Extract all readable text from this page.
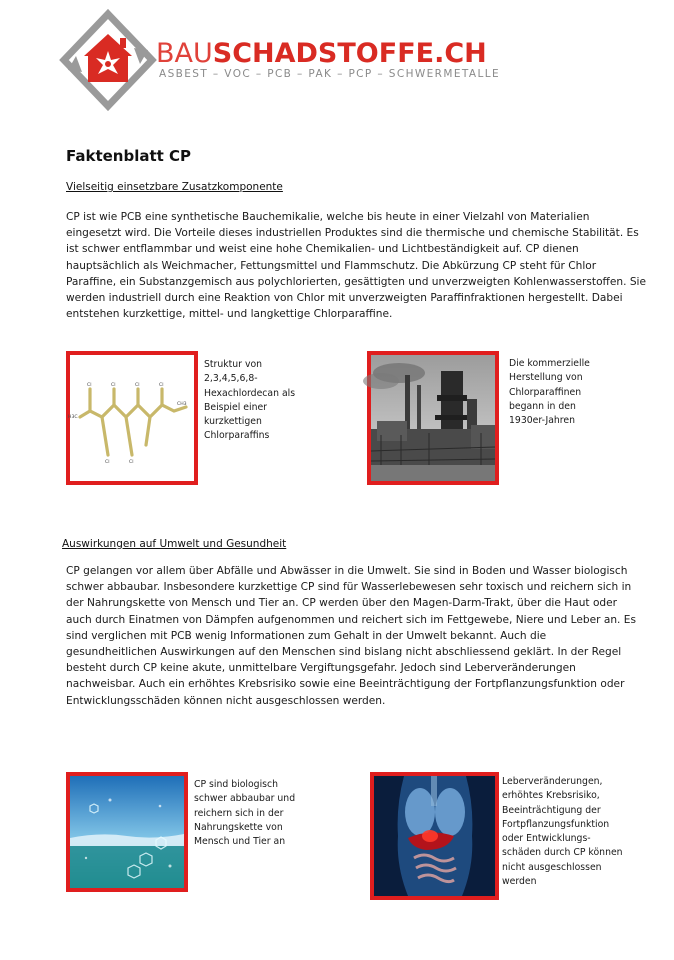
BAUSCHADSTOFFE.CH
ASBEST – VOC – PCB – PAK – PCP – SCHWERMETALLE
Faktenblatt CP
Vielseitig einsetzbare Zusatzkomponente
CP ist wie PCB eine synthetische Bauchemikalie, welche bis heute in einer Vielzahl von Materialien eingesetzt wird. Die Vorteile dieses industriellen Produktes sind die thermische und chemische Stabilität. Es ist schwer entflammbar und weist eine hohe Chemikalien- und Lichtbeständigkeit auf. CP dienen hauptsächlich als Weichmacher, Fettungsmittel und Flammschutz. Die Abkürzung CP steht für Chlor Paraffine, ein Substanzgemisch aus polychlorierten, gesättigten und unverzweigten Kohlenwasserstoffen. Sie werden industriell durch eine Reaktion von Chlor mit unverzweigten Paraffinfraktionen hergestellt. Dabei entstehen kurzkettige, mittel- und langkettige Chlorparaffine.
H3C
CH3
Cl	Cl	Cl	Cl
Cl	Cl
Struktur von 2,3,4,5,6,8-Hexachlordecan als Beispiel einer kurzkettigen Chlorparaffins
Die kommerzielle Herstellung von Chlorparaffinen begann in den 1930er-Jahren
Auswirkungen auf Umwelt und Gesundheit
CP gelangen vor allem über Abfälle und Abwässer in die Umwelt. Sie sind in Boden und Wasser biologisch schwer abbaubar. Insbesondere kurzkettige CP sind für Wasserlebewesen sehr toxisch und reichern sich in der Nahrungskette von Mensch und Tier an. CP werden über den Magen-Darm-Trakt, über die Haut oder auch durch Einatmen von Dämpfen aufgenommen und reichert sich im Fettgewebe, Niere und Leber an. Es sind verglichen mit PCB wenig Informationen zum Gehalt in der Umwelt bekannt. Auch die gesundheitlichen Auswirkungen auf den Menschen sind bislang nicht abschliessend geklärt. In der Regel besteht durch CP keine akute, unmittelbare Vergiftungsgefahr. Jedoch sind Leberveränderungen nachweisbar. Auch ein erhöhtes Krebsrisiko sowie eine Beeinträchtigung der Fortpflanzungsfunktion oder Entwicklungsschäden können nicht ausgeschlossen werden.
CP sind biologisch schwer abbaubar und reichern sich in der Nahrungskette von Mensch und Tier an
Leberveränderungen, erhöhtes Krebsrisiko, Beeinträchtigung der Fortpflanzungsfunktion oder Entwicklungs-schäden durch CP können nicht ausgeschlossen werden
